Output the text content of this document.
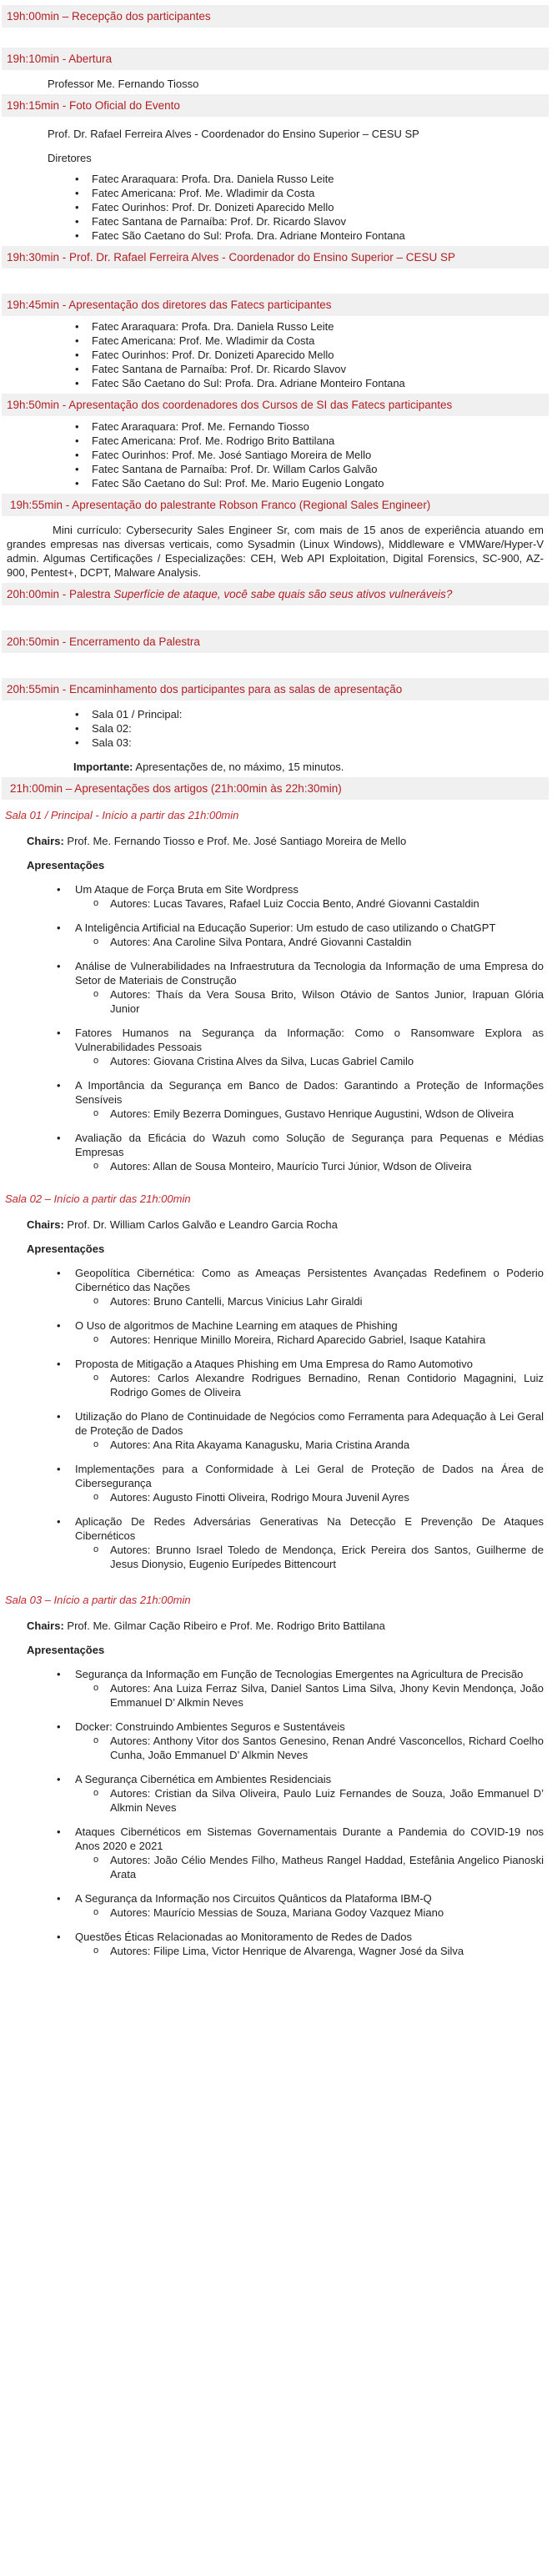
19h:00min – Recepção dos participantes
19h:10min - Abertura
Professor Me. Fernando Tiosso
19h:15min - Foto Oficial do Evento
Prof. Dr. Rafael Ferreira Alves - Coordenador do Ensino Superior – CESU SP
Diretores
• Fatec Araraquara: Profa. Dra. Daniela Russo Leite
• Fatec Americana: Prof. Me. Wladimir da Costa
• Fatec Ourinhos: Prof. Dr. Donizeti Aparecido Mello
• Fatec Santana de Parnaíba: Prof. Dr. Ricardo Slavov
• Fatec São Caetano do Sul: Profa. Dra. Adriane Monteiro Fontana
19h:30min - Prof. Dr. Rafael Ferreira Alves - Coordenador do Ensino Superior – CESU SP
19h:45min - Apresentação dos diretores das Fatecs participantes
• Fatec Araraquara: Profa. Dra. Daniela Russo Leite
• Fatec Americana: Prof. Me. Wladimir da Costa
• Fatec Ourinhos: Prof. Dr. Donizeti Aparecido Mello
• Fatec Santana de Parnaíba: Prof. Dr. Ricardo Slavov
• Fatec São Caetano do Sul: Profa. Dra. Adriane Monteiro Fontana
19h:50min - Apresentação dos coordenadores dos Cursos de SI das Fatecs participantes
• Fatec Araraquara: Prof. Me. Fernando Tiosso
• Fatec Americana: Prof. Me. Rodrigo Brito Battilana
• Fatec Ourinhos: Prof. Me. José Santiago Moreira de Mello
• Fatec Santana de Parnaíba: Prof. Dr. Willam Carlos Galvão
• Fatec São Caetano do Sul: Prof. Me. Mario Eugenio Longato
19h:55min - Apresentação do palestrante Robson Franco (Regional Sales Engineer)
Mini currículo: Cybersecurity Sales Engineer Sr, com mais de 15 anos de experiência atuando em grandes empresas nas diversas verticais, como Sysadmin (Linux Windows), Middleware e VMWare/Hyper-V admin. Algumas Certificações / Especializações: CEH, Web API Exploitation, Digital Forensics, SC-900, AZ-900, Pentest+, DCPT, Malware Analysis.
20h:00min - Palestra Superfície de ataque, você sabe quais são seus ativos vulneráveis?
20h:50min - Encerramento da Palestra
20h:55min - Encaminhamento dos participantes para as salas de apresentação
• Sala 01 / Principal:
• Sala 02:
• Sala 03:
Importante: Apresentações de, no máximo, 15 minutos.
21h:00min – Apresentações dos artigos (21h:00min às 22h:30min)
Sala 01 / Principal - Início a partir das 21h:00min
Chairs: Prof. Me. Fernando Tiosso e Prof. Me. José Santiago Moreira de Mello
Apresentações
• Um Ataque de Força Bruta em Site Wordpress
o Autores: Lucas Tavares, Rafael Luiz Coccia Bento, André Giovanni Castaldin
• A Inteligência Artificial na Educação Superior: Um estudo de caso utilizando o ChatGPT
o Autores: Ana Caroline Silva Pontara, André Giovanni Castaldin
• Análise de Vulnerabilidades na Infraestrutura da Tecnologia da Informação de uma Empresa do Setor de Materiais de Construção
o Autores: Thaís da Vera Sousa Brito, Wilson Otávio de Santos Junior, Irapuan Glória Junior
• Fatores Humanos na Segurança da Informação: Como o Ransomware Explora as Vulnerabilidades Pessoais
o Autores: Giovana Cristina Alves da Silva, Lucas Gabriel Camilo
• A Importância da Segurança em Banco de Dados: Garantindo a Proteção de Informações Sensíveis
o Autores: Emily Bezerra Domingues, Gustavo Henrique Augustini, Wdson de Oliveira
• Avaliação da Eficácia do Wazuh como Solução de Segurança para Pequenas e Médias Empresas
o Autores: Allan de Sousa Monteiro, Maurício Turci Júnior, Wdson de Oliveira
Sala 02 – Início a partir das 21h:00min
Chairs: Prof. Dr. William Carlos Galvão e Leandro Garcia Rocha
Apresentações
• Geopolítica Cibernética: Como as Ameaças Persistentes Avançadas Redefinem o Poderio Cibernético das Nações
o Autores: Bruno Cantelli, Marcus Vinicius Lahr Giraldi
• O Uso de algoritmos de Machine Learning em ataques de Phishing
o Autores: Henrique Minillo Moreira, Richard Aparecido Gabriel, Isaque Katahira
• Proposta de Mitigação a Ataques Phishing em Uma Empresa do Ramo Automotivo
o Autores: Carlos Alexandre Rodrigues Bernadino, Renan Contidorio Magagnini, Luiz Rodrigo Gomes de Oliveira
• Utilização do Plano de Continuidade de Negócios como Ferramenta para Adequação à Lei Geral de Proteção de Dados
o Autores: Ana Rita Akayama Kanagusku, Maria Cristina Aranda
• Implementações para a Conformidade à Lei Geral de Proteção de Dados na Área de Cibersegurança
o Autores: Augusto Finotti Oliveira, Rodrigo Moura Juvenil Ayres
• Aplicação De Redes Adversárias Generativas Na Detecção E Prevenção De Ataques Cibernéticos
o Autores: Brunno Israel Toledo de Mendonça, Erick Pereira dos Santos, Guilherme de Jesus Dionysio, Eugenio Eurípedes Bittencourt
Sala 03 – Início a partir das 21h:00min
Chairs: Prof. Me. Gilmar Cação Ribeiro e Prof. Me. Rodrigo Brito Battilana
Apresentações
• Segurança da Informação em Função de Tecnologias Emergentes na Agricultura de Precisão
o Autores: Ana Luiza Ferraz Silva, Daniel Santos Lima Silva, Jhony Kevin Mendonça, João Emmanuel D’ Alkmin Neves
• Docker: Construindo Ambientes Seguros e Sustentáveis
o Autores: Anthony Vitor dos Santos Genesino, Renan André Vasconcellos, Richard Coelho Cunha, João Emmanuel D’ Alkmin Neves
• A Segurança Cibernética em Ambientes Residenciais
o Autores: Cristian da Silva Oliveira, Paulo Luiz Fernandes de Souza, João Emmanuel D’ Alkmin Neves
• Ataques Cibernéticos em Sistemas Governamentais Durante a Pandemia do COVID-19 nos Anos 2020 e 2021
o Autores: João Célio Mendes Filho, Matheus Rangel Haddad, Estefânia Angelico Pianoski Arata
• A Segurança da Informação nos Circuitos Quânticos da Plataforma IBM-Q
o Autores: Maurício Messias de Souza, Mariana Godoy Vazquez Miano
• Questões Éticas Relacionadas ao Monitoramento de Redes de Dados
o Autores: Filipe Lima, Victor Henrique de Alvarenga, Wagner José da Silva
